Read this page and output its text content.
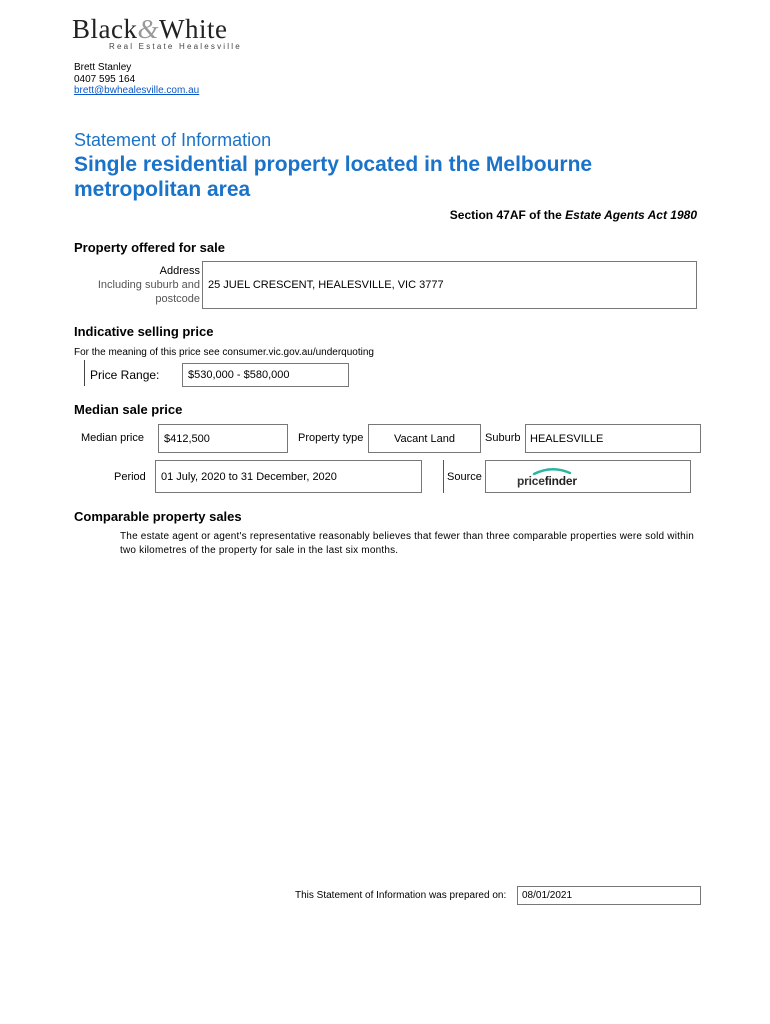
Black&White
Real Estate Healesville
Brett Stanley
0407 595 164
brett@bwhealesville.com.au
Statement of Information
Single residential property located in the Melbourne metropolitan area
Section 47AF of the Estate Agents Act 1980
Property offered for sale
Address
Including suburb and
postcode
25 JUEL CRESCENT, HEALESVILLE, VIC 3777
Indicative selling price
For the meaning of this price see consumer.vic.gov.au/underquoting
Price Range:	$530,000 - $580,000
Median sale price
Median price $412,500	Property type	Vacant Land	Suburb HEALESVILLE
Period 01 July, 2020 to 31 December, 2020	Source	pricefinder
Comparable property sales
The estate agent or agent's representative reasonably believes that fewer than three comparable properties were sold within two kilometres of the property for sale in the last six months.
This Statement of Information was prepared on: 08/01/2021
